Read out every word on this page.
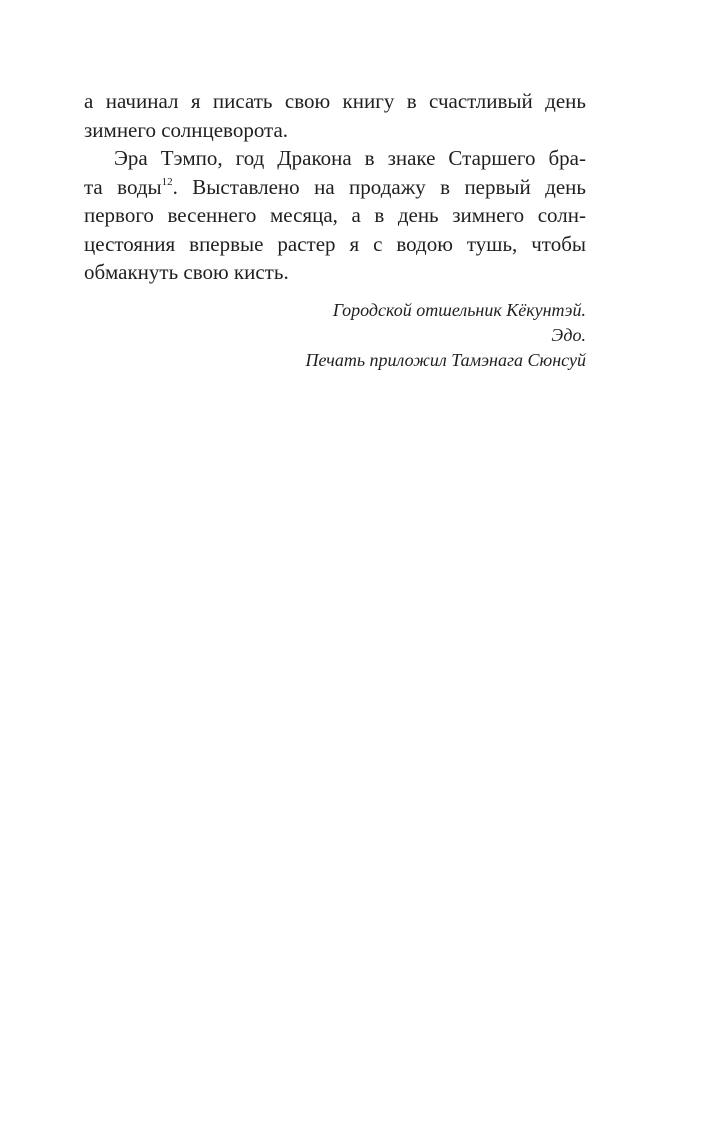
а начинал я писать свою книгу в счастливый день
зимнего солнцеворота.
Эра Тэмпо, год Дракона в знаке Старшего бра-
та воды$^{12}$. Выставлено на продажу в первый день
первого весеннего месяца, а в день зимнего солн-
цестояния впервые растер я с водою тушь, чтобы
обмакнуть свою кисть.
Городской отшельник Кёкунтэй.
Эдо.
Печать приложил Тамэнага Сюнсуй
